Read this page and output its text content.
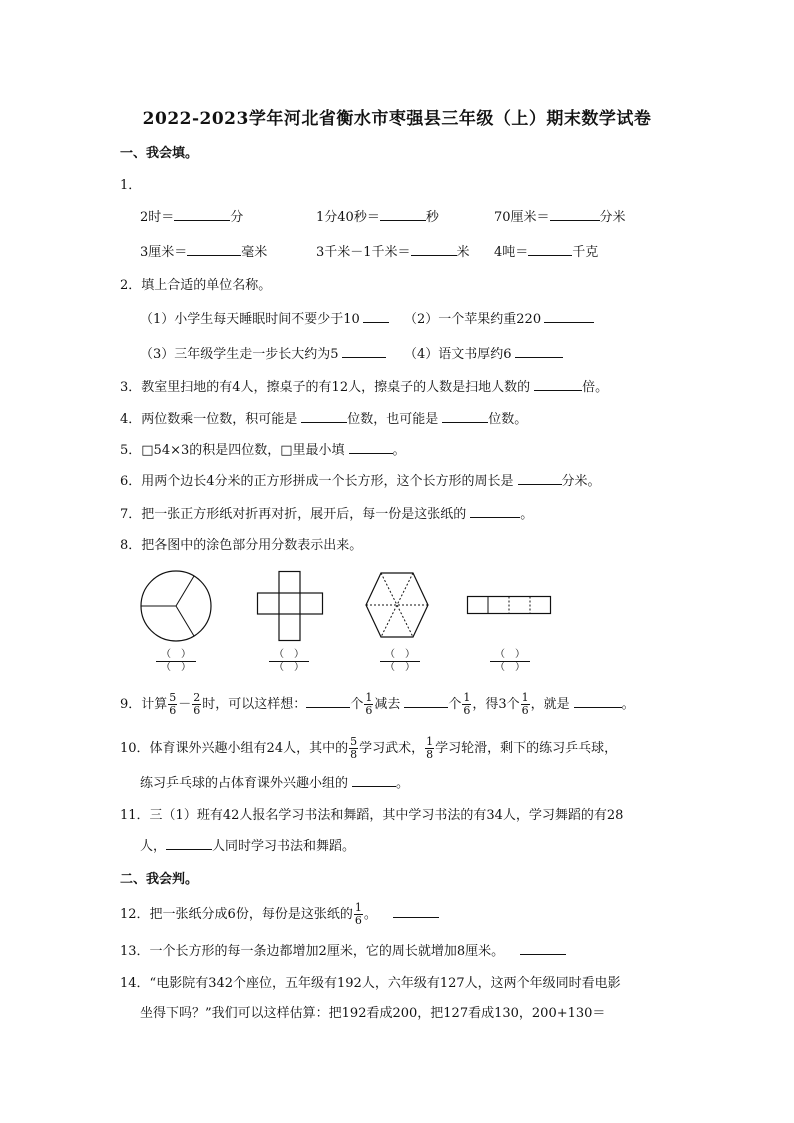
2022-2023学年河北省衡水市枣强县三年级（上）期末数学试卷
一、我会填。
1．
2时＝	分	1分40秒＝	秒	70厘米＝	分米
3厘米＝	毫米	3千米－1千米＝	米 4吨＝	千克
2．填上合适的单位名称。
（1）小学生每天睡眠时间不要少于10	（2）一个苹果约重220
（3）三年级学生走一步长大约为5	（4）语文书厚约6
3．教室里扫地的有4人，擦桌子的有12人，擦桌子的人数是扫地人数的	倍。
4．两位数乘一位数，积可能是	位数，也可能是	位数。
5．□54×3的积是四位数，□里最小填	。
6．用两个边长4分米的正方形拼成一个长方形，这个长方形的周长是	分米。
7．把一张正方形纸对折再对折，展开后，每一份是这张纸的	。
8．把各图中的涂色部分用分数表示出来。
（　）
（　）
（　）
（　）
（　）
（　）
（　）
（　）
9．计算 $\frac{5}{6} - \frac{2}{6}$ 时，可以这样想：	个 $\frac{1}{6}$ 减去	个 $\frac{1}{6}$ ，得3个 $\frac{1}{6}$ ，就是	。
10．体育课外兴趣小组有24人，其中的 $\frac{5}{8}$ 学习武术， $\frac{1}{8}$ 学习轮滑，剩下的练习乒乓球，
练习乒乓球的占体育课外兴趣小组的	。
11．三（1）班有42人报名学习书法和舞蹈，其中学习书法的有34人，学习舞蹈的有28
人，	人同时学习书法和舞蹈。
二、我会判。
12．把一张纸分成6份，每份是这张纸的 $\frac{1}{6}$ 。
13．一个长方形的每一条边都增加2厘米，它的周长就增加8厘米。
14．“电影院有342个座位，五年级有192人，六年级有127人，这两个年级同时看电影
坐得下吗？”我们可以这样估算：把192看成200，把127看成130，200+130＝
